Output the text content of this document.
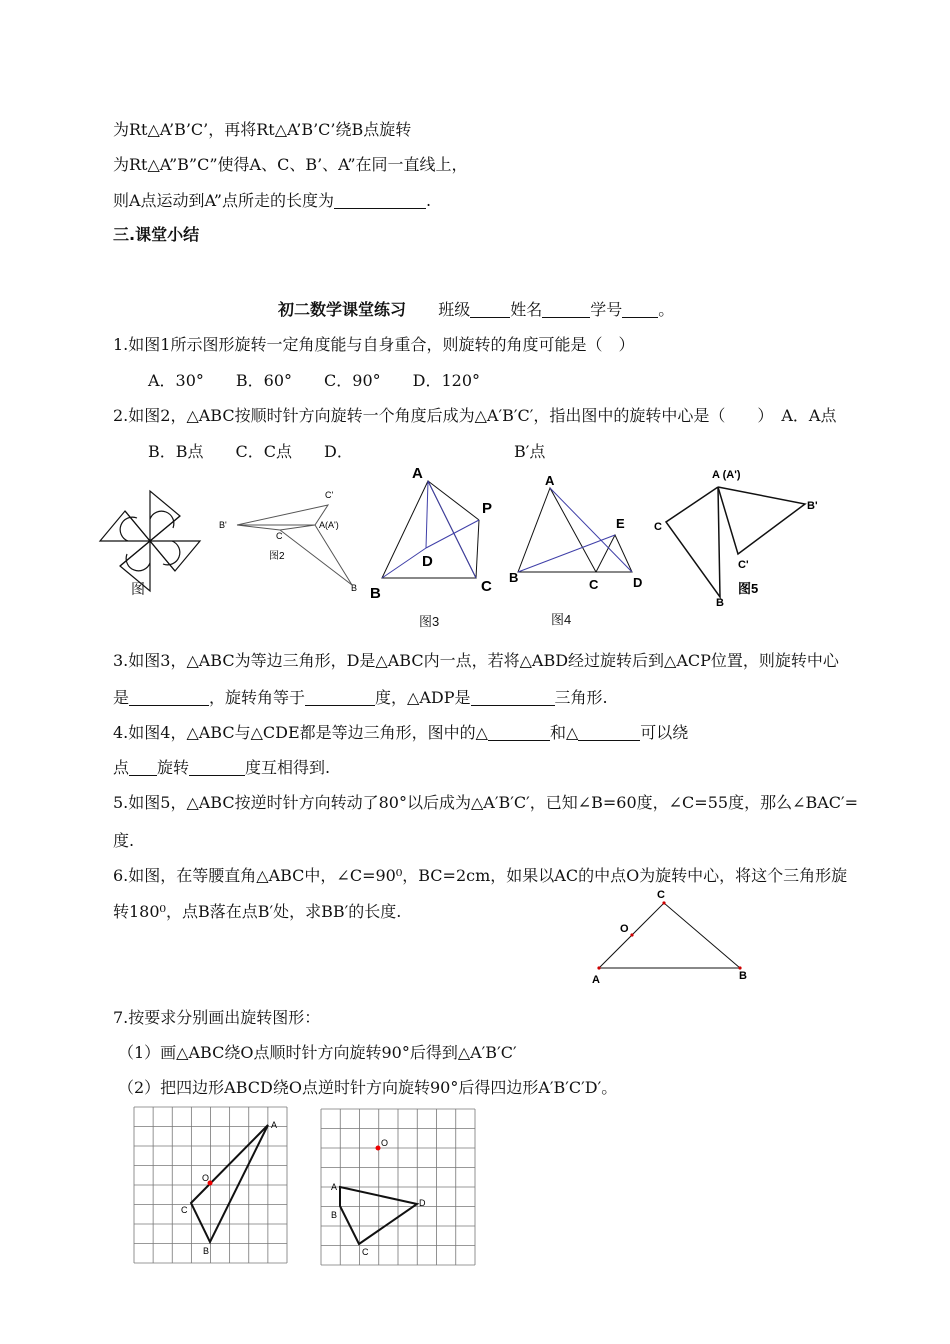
为Rt△A’B’C’，再将Rt△A’B’C’绕B点旋转
为Rt△A”B”C”使得A、C、B’、A”在同一直线上，
则A点运动到A”点所走的长度为	.
三.课堂小结
初二数学课堂练习 班级	姓名	学号 。
1.如图1所示图形旋转一定角度能与自身重合，则旋转的角度可能是（　）
A．30°　　B．60°　　C．90°　　D．120°
2.如图2，△ABC按顺时针方向旋转一个角度后成为△A′B′C′，指出图中的旋转中心是（　　）　A．A点
B．B点　　C．C点　　D．	B′点
图
C'
B'
C
A(A')
B
图2
A
P
D
B	C
图3
A
E
B	C	D
图4
A (A')
B'
C
C'
B
图5
3.如图3，△ABC为等边三角形，D是△ABC内一点，若将△ABD经过旋转后到△ACP位置，则旋转中心
是	，旋转角等于	度，△ADP是	三角形.
4.如图4，△ABC与△CDE都是等边三角形，图中的△	和△	可以绕
点 旋转	度互相得到.
5.如图5，△ABC按逆时针方向转动了80°以后成为△A′B′C′，已知∠B=60度，∠C=55度，那么∠BAC′=
度.
6.如图，在等腰直角△ABC中，∠C=90⁰，BC=2cm，如果以AC的中点O为旋转中心，将这个三角形旋
转180⁰，点B落在点B′处，求BB′的长度.
C
O
A	B
7.按要求分别画出旋转图形：
（1）画△ABC绕O点顺时针方向旋转90°后得到△A′B′C′
（2）把四边形ABCD绕O点逆时针方向旋转90°后得四边形A′B′C′D′。
A
O
C
B
O
A
D
B
C
